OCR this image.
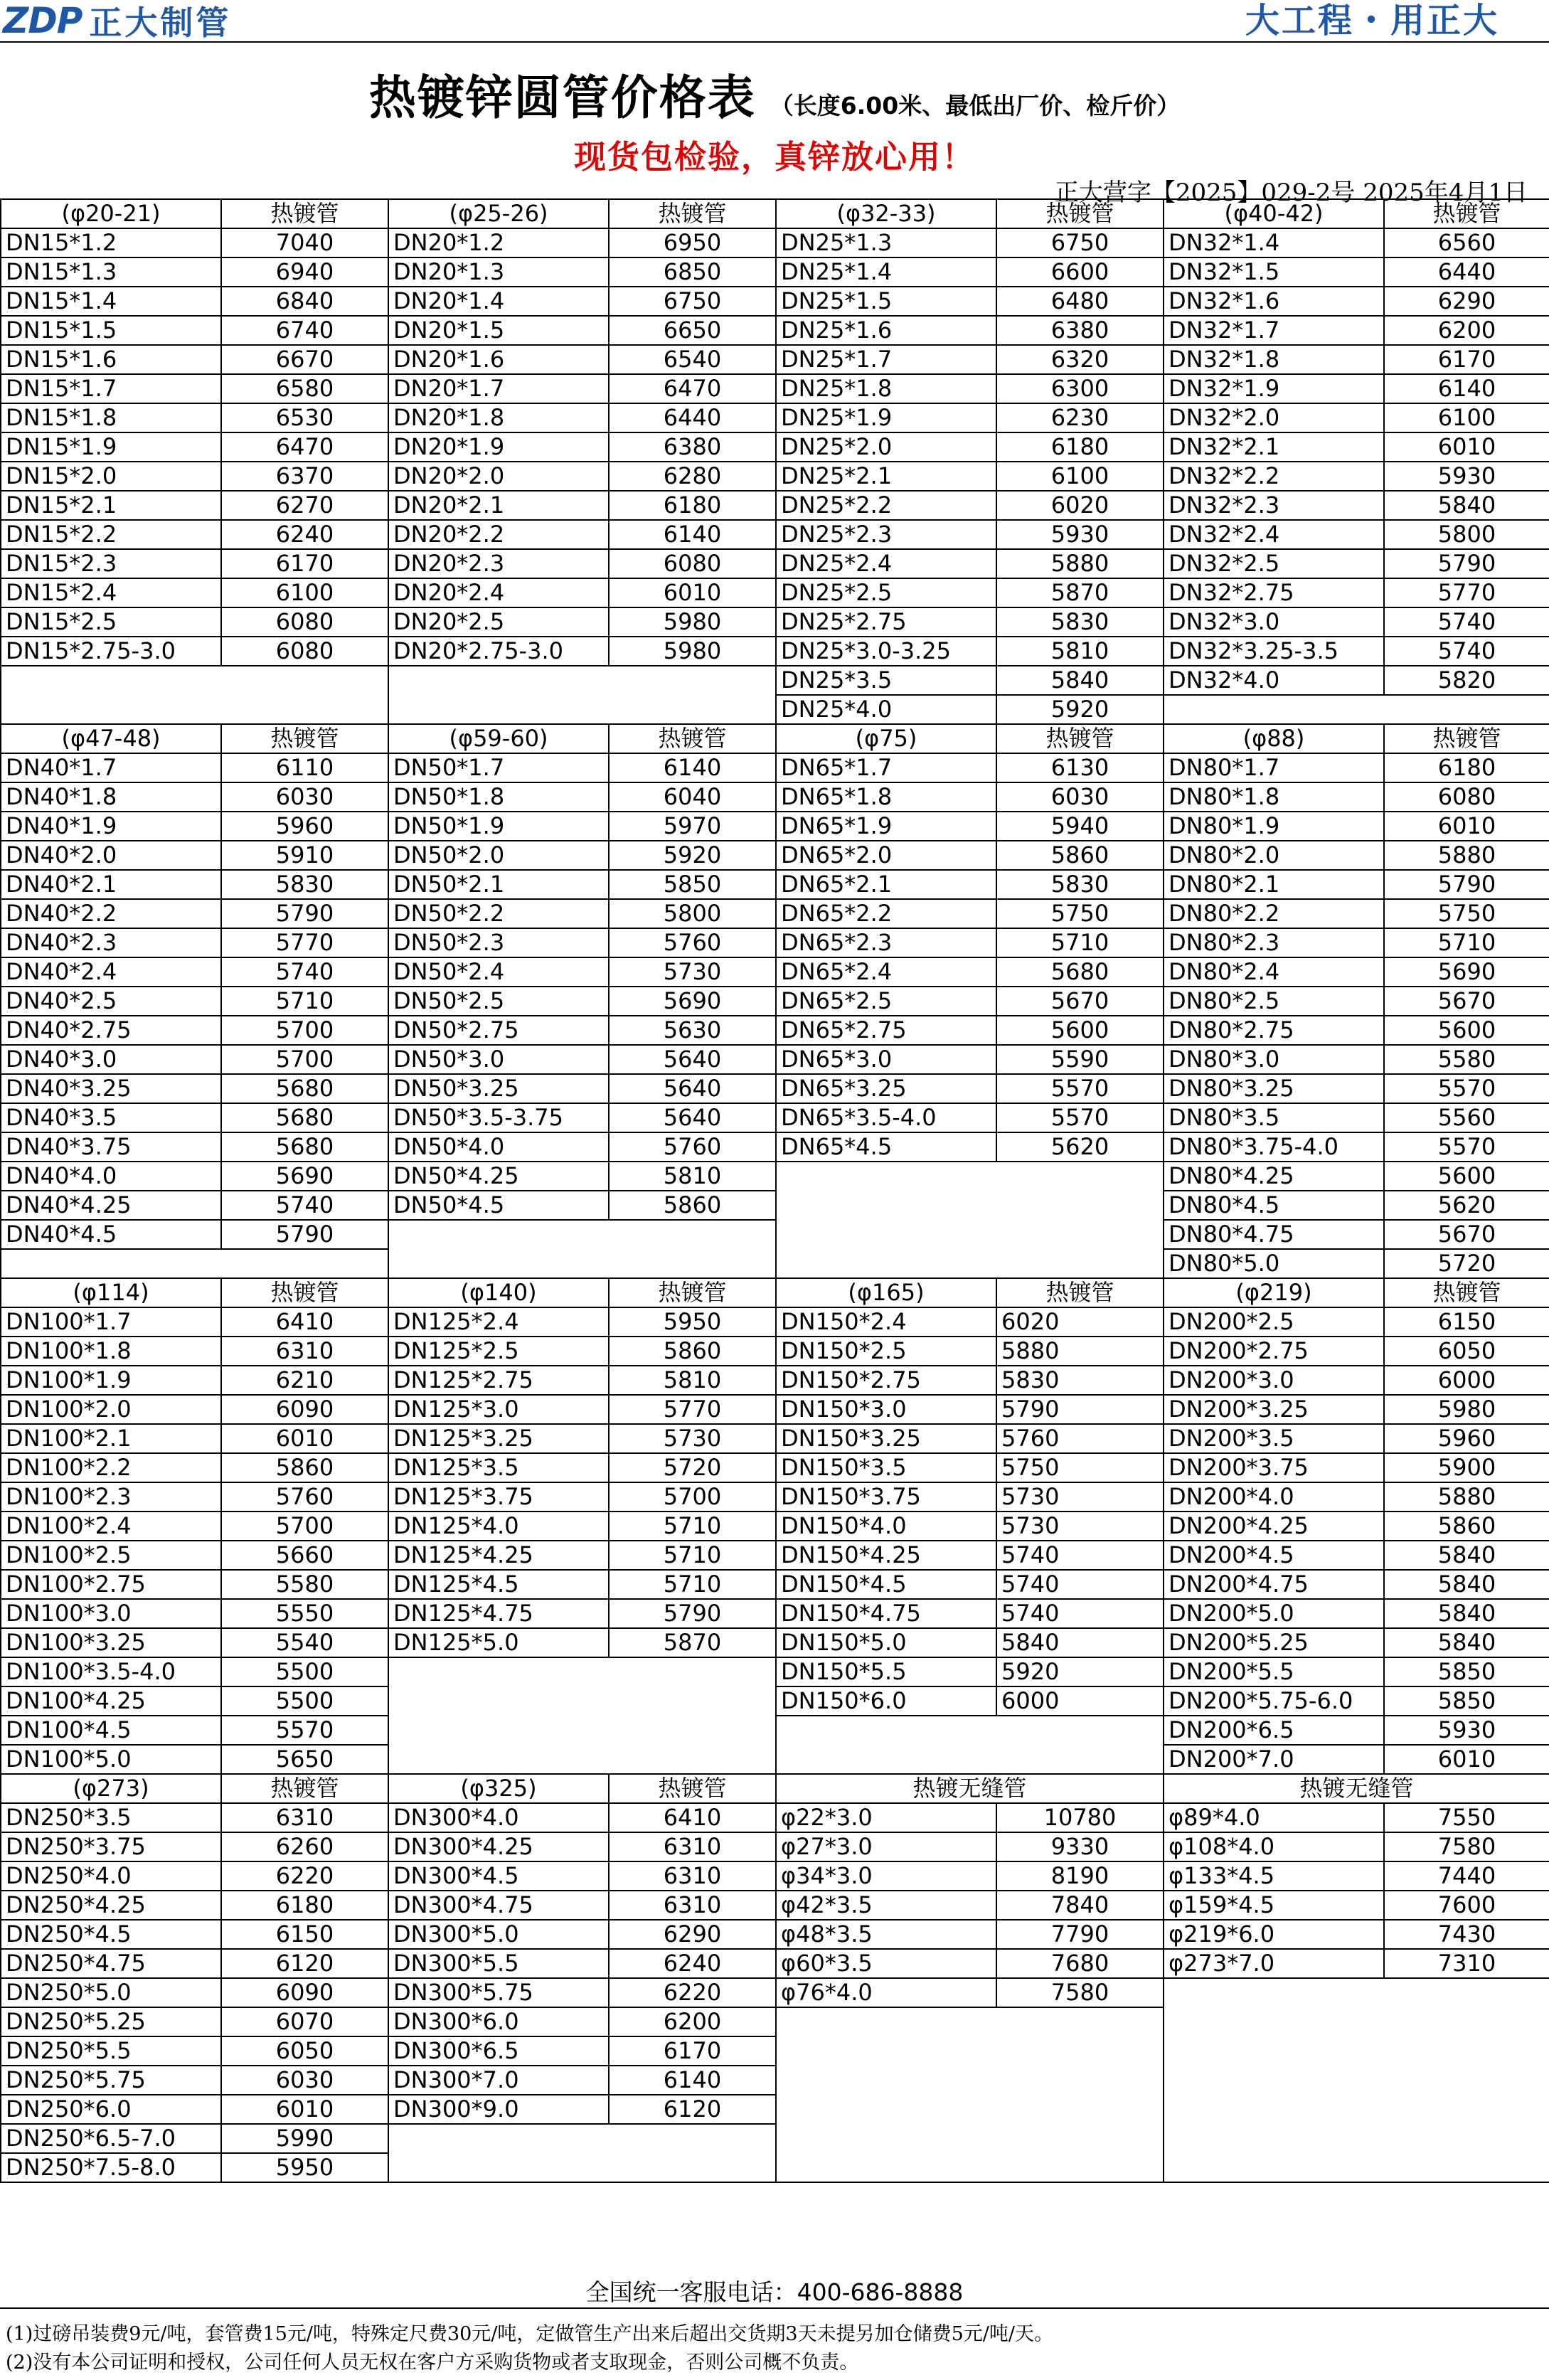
ZDP 正大制管	大工程・用正大
热镀锌圆管价格表 （长度6.00米、最低出厂价、检斤价）
现货包检验，真锌放心用！
正大营字【2025】029-2号 2025年4月1日
(φ20-21)	热镀管	(φ25-26)	热镀管	(φ32-33)	热镀管	(φ40-42)	热镀管
DN15*1.2	7040	DN20*1.2	6950	DN25*1.3	6750	DN32*1.4	6560
DN15*1.3	6940	DN20*1.3	6850	DN25*1.4	6600	DN32*1.5	6440
DN15*1.4	6840	DN20*1.4	6750	DN25*1.5	6480	DN32*1.6	6290
DN15*1.5	6740	DN20*1.5	6650	DN25*1.6	6380	DN32*1.7	6200
DN15*1.6	6670	DN20*1.6	6540	DN25*1.7	6320	DN32*1.8	6170
DN15*1.7	6580	DN20*1.7	6470	DN25*1.8	6300	DN32*1.9	6140
DN15*1.8	6530	DN20*1.8	6440	DN25*1.9	6230	DN32*2.0	6100
DN15*1.9	6470	DN20*1.9	6380	DN25*2.0	6180	DN32*2.1	6010
DN15*2.0	6370	DN20*2.0	6280	DN25*2.1	6100	DN32*2.2	5930
DN15*2.1	6270	DN20*2.1	6180	DN25*2.2	6020	DN32*2.3	5840
DN15*2.2	6240	DN20*2.2	6140	DN25*2.3	5930	DN32*2.4	5800
DN15*2.3	6170	DN20*2.3	6080	DN25*2.4	5880	DN32*2.5	5790
DN15*2.4	6100	DN20*2.4	6010	DN25*2.5	5870	DN32*2.75	5770
DN15*2.5	6080	DN20*2.5	5980	DN25*2.75	5830	DN32*3.0	5740
DN15*2.75-3.0	6080	DN20*2.75-3.0	5980	DN25*3.0-3.25	5810	DN32*3.25-3.5	5740
				DN25*3.5	5840	DN32*4.0	5820
				DN25*4.0	5920		
(φ47-48)	热镀管	(φ59-60)	热镀管	(φ75)	热镀管	(φ88)	热镀管
DN40*1.7	6110	DN50*1.7	6140	DN65*1.7	6130	DN80*1.7	6180
DN40*1.8	6030	DN50*1.8	6040	DN65*1.8	6030	DN80*1.8	6080
DN40*1.9	5960	DN50*1.9	5970	DN65*1.9	5940	DN80*1.9	6010
DN40*2.0	5910	DN50*2.0	5920	DN65*2.0	5860	DN80*2.0	5880
DN40*2.1	5830	DN50*2.1	5850	DN65*2.1	5830	DN80*2.1	5790
DN40*2.2	5790	DN50*2.2	5800	DN65*2.2	5750	DN80*2.2	5750
DN40*2.3	5770	DN50*2.3	5760	DN65*2.3	5710	DN80*2.3	5710
DN40*2.4	5740	DN50*2.4	5730	DN65*2.4	5680	DN80*2.4	5690
DN40*2.5	5710	DN50*2.5	5690	DN65*2.5	5670	DN80*2.5	5670
DN40*2.75	5700	DN50*2.75	5630	DN65*2.75	5600	DN80*2.75	5600
DN40*3.0	5700	DN50*3.0	5640	DN65*3.0	5590	DN80*3.0	5580
DN40*3.25	5680	DN50*3.25	5640	DN65*3.25	5570	DN80*3.25	5570
DN40*3.5	5680	DN50*3.5-3.75	5640	DN65*3.5-4.0	5570	DN80*3.5	5560
DN40*3.75	5680	DN50*4.0	5760	DN65*4.5	5620	DN80*3.75-4.0	5570
DN40*4.0	5690	DN50*4.25	5810			DN80*4.25	5600
DN40*4.25	5740	DN50*4.5	5860			DN80*4.5	5620
DN40*4.5	5790					DN80*4.75	5670
						DN80*5.0	5720
(φ114)	热镀管	(φ140)	热镀管	(φ165)	热镀管	(φ219)	热镀管
DN100*1.7	6410	DN125*2.4	5950	DN150*2.4	6020	DN200*2.5	6150
DN100*1.8	6310	DN125*2.5	5860	DN150*2.5	5880	DN200*2.75	6050
DN100*1.9	6210	DN125*2.75	5810	DN150*2.75	5830	DN200*3.0	6000
DN100*2.0	6090	DN125*3.0	5770	DN150*3.0	5790	DN200*3.25	5980
DN100*2.1	6010	DN125*3.25	5730	DN150*3.25	5760	DN200*3.5	5960
DN100*2.2	5860	DN125*3.5	5720	DN150*3.5	5750	DN200*3.75	5900
DN100*2.3	5760	DN125*3.75	5700	DN150*3.75	5730	DN200*4.0	5880
DN100*2.4	5700	DN125*4.0	5710	DN150*4.0	5730	DN200*4.25	5860
DN100*2.5	5660	DN125*4.25	5710	DN150*4.25	5740	DN200*4.5	5840
DN100*2.75	5580	DN125*4.5	5710	DN150*4.5	5740	DN200*4.75	5840
DN100*3.0	5550	DN125*4.75	5790	DN150*4.75	5740	DN200*5.0	5840
DN100*3.25	5540	DN125*5.0	5870	DN150*5.0	5840	DN200*5.25	5840
DN100*3.5-4.0	5500			DN150*5.5	5920	DN200*5.5	5850
DN100*4.25	5500			DN150*6.0	6000	DN200*5.75-6.0	5850
DN100*4.5	5570					DN200*6.5	5930
DN100*5.0	5650					DN200*7.0	6010
(φ273)	热镀管	(φ325)	热镀管	热镀无缝管		热镀无缝管	
DN250*3.5	6310	DN300*4.0	6410	φ22*3.0	10780	φ89*4.0	7550
DN250*3.75	6260	DN300*4.25	6310	φ27*3.0	9330	φ108*4.0	7580
DN250*4.0	6220	DN300*4.5	6310	φ34*3.0	8190	φ133*4.5	7440
DN250*4.25	6180	DN300*4.75	6310	φ42*3.5	7840	φ159*4.5	7600
DN250*4.5	6150	DN300*5.0	6290	φ48*3.5	7790	φ219*6.0	7430
DN250*4.75	6120	DN300*5.5	6240	φ60*3.5	7680	φ273*7.0	7310
DN250*5.0	6090	DN300*5.75	6220	φ76*4.0	7580		
DN250*5.25	6070	DN300*6.0	6200				
DN250*5.5	6050	DN300*6.5	6170				
DN250*5.75	6030	DN300*7.0	6140				
DN250*6.0	6010	DN300*9.0	6120				
DN250*6.5-7.0	5990						
DN250*7.5-8.0	5950						
全国统一客服电话：400-686-8888
(1)过磅吊装费9元/吨，套管费15元/吨，特殊定尺费30元/吨，定做管生产出来后超出交货期3天未提另加仓储费5元/吨/天。
(2)没有本公司证明和授权，公司任何人员无权在客户方采购货物或者支取现金，否则公司概不负责。
